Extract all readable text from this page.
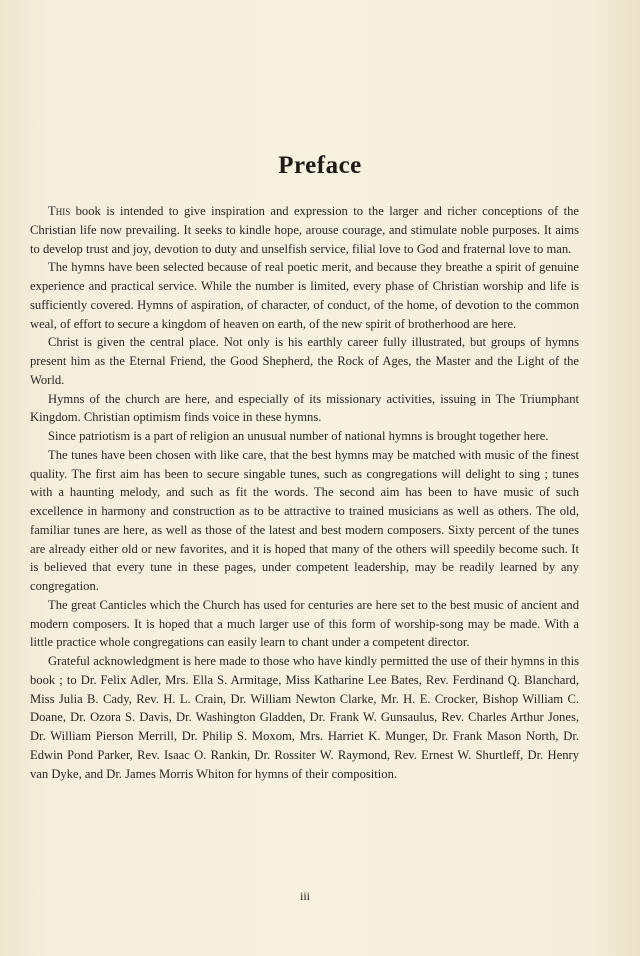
Preface

This book is intended to give inspiration and expression to the larger and richer conceptions of the Christian life now prevailing. It seeks to kindle hope, arouse courage, and stimulate noble purposes. It aims to develop trust and joy, devotion to duty and unselfish service, filial love to God and fraternal love to man.

The hymns have been selected because of real poetic merit, and because they breathe a spirit of genuine experience and practical service. While the number is limited, every phase of Christian worship and life is sufficiently covered. Hymns of aspiration, of character, of conduct, of the home, of devotion to the common weal, of effort to secure a kingdom of heaven on earth, of the new spirit of brotherhood are here.

Christ is given the central place. Not only is his earthly career fully illustrated, but groups of hymns present him as the Eternal Friend, the Good Shepherd, the Rock of Ages, the Master and the Light of the World.

Hymns of the church are here, and especially of its missionary activities, issuing in The Triumphant Kingdom. Christian optimism finds voice in these hymns.

Since patriotism is a part of religion an unusual number of national hymns is brought together here.

The tunes have been chosen with like care, that the best hymns may be matched with music of the finest quality. The first aim has been to secure singable tunes, such as congregations will delight to sing ; tunes with a haunting melody, and such as fit the words. The second aim has been to have music of such excellence in harmony and construction as to be attractive to trained musicians as well as others. The old, familiar tunes are here, as well as those of the latest and best modern composers. Sixty percent of the tunes are already either old or new favorites, and it is hoped that many of the others will speedily become such. It is believed that every tune in these pages, under competent leadership, may be readily learned by any congregation.

The great Canticles which the Church has used for centuries are here set to the best music of ancient and modern composers. It is hoped that a much larger use of this form of worship-song may be made. With a little practice whole congregations can easily learn to chant under a competent director.

Grateful acknowledgment is here made to those who have kindly permitted the use of their hymns in this book ; to Dr. Felix Adler, Mrs. Ella S. Armitage, Miss Katharine Lee Bates, Rev. Ferdinand Q. Blanchard, Miss Julia B. Cady, Rev. H. L. Crain, Dr. William Newton Clarke, Mr. H. E. Crocker, Bishop William C. Doane, Dr. Ozora S. Davis, Dr. Washington Gladden, Dr. Frank W. Gunsaulus, Rev. Charles Arthur Jones, Dr. William Pierson Merrill, Dr. Philip S. Moxom, Mrs. Harriet K. Munger, Dr. Frank Mason North, Dr. Edwin Pond Parker, Rev. Isaac O. Rankin, Dr. Rossiter W. Raymond, Rev. Ernest W. Shurtleff, Dr. Henry van Dyke, and Dr. James Morris Whiton for hymns of their composition.

iii
